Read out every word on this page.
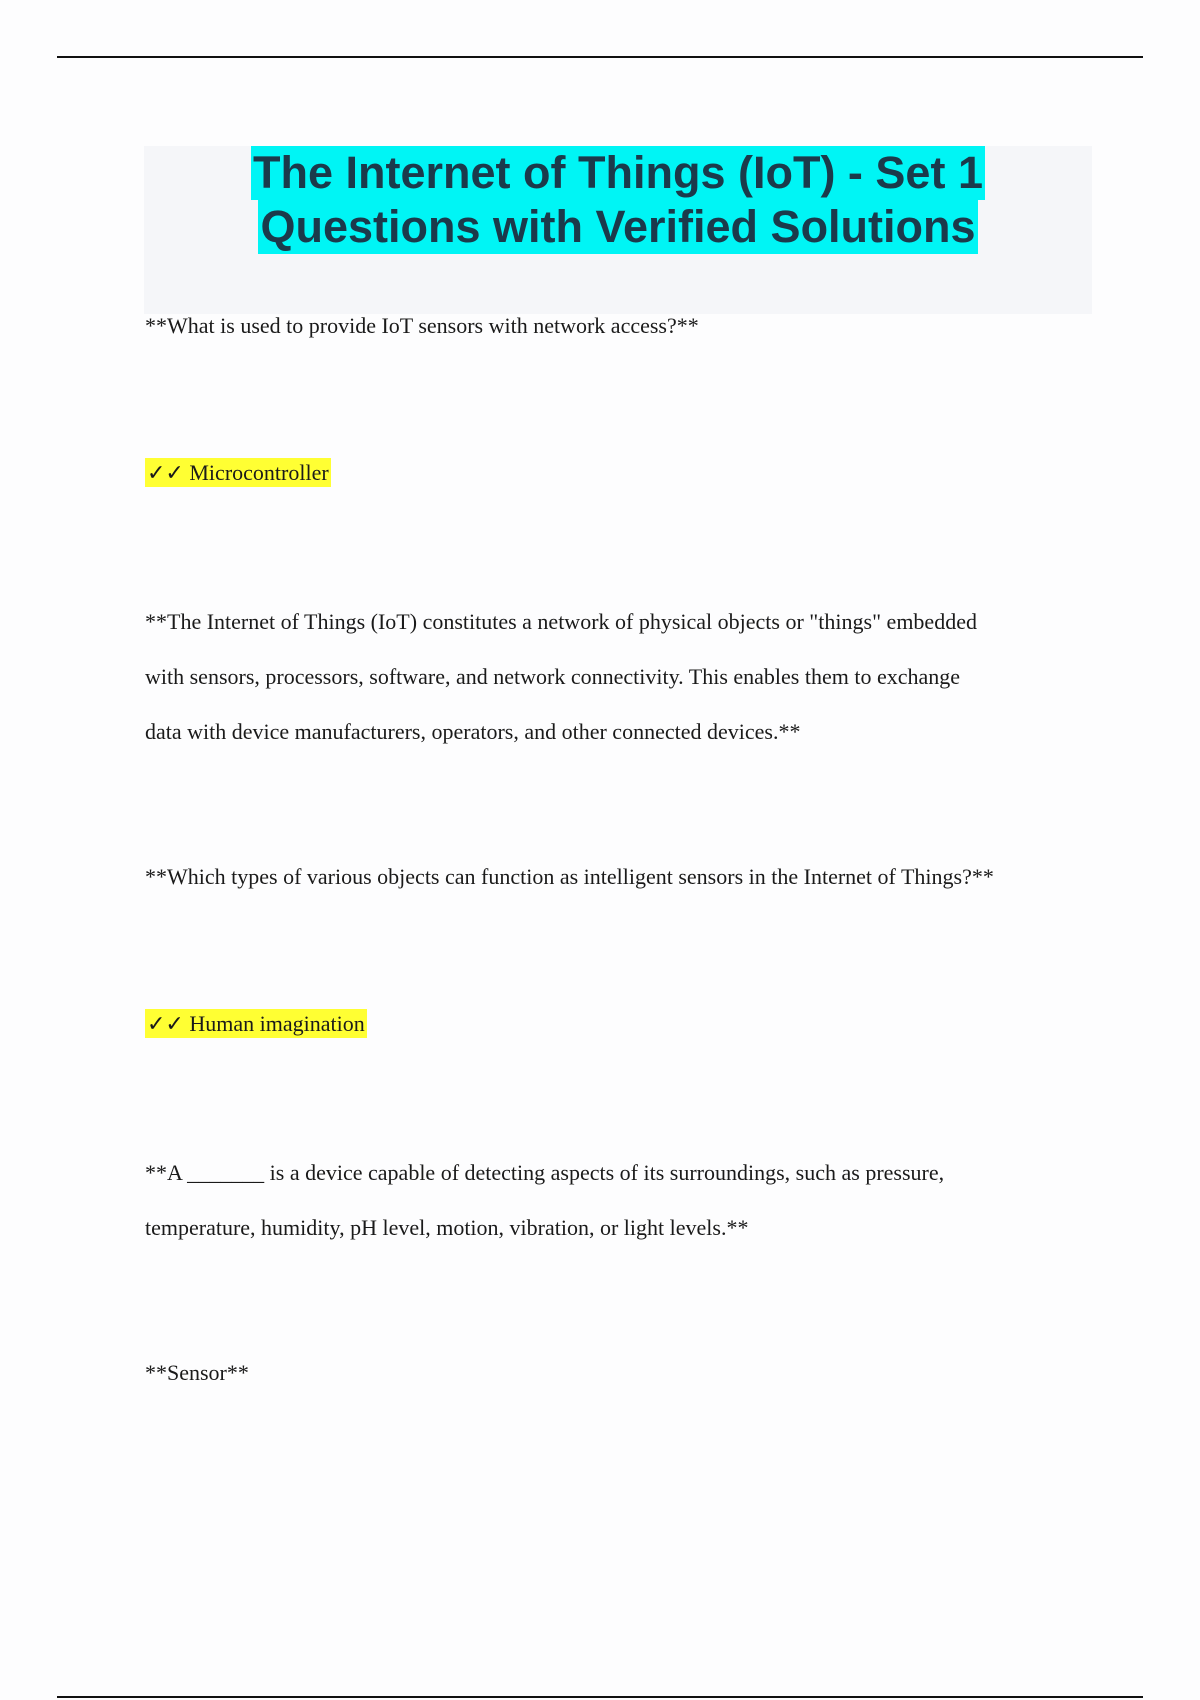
The Internet of Things (IoT) - Set 1
Questions with Verified Solutions
**What is used to provide IoT sensors with network access?**
✓✓ Microcontroller
**The Internet of Things (IoT) constitutes a network of physical objects or "things" embedded
with sensors, processors, software, and network connectivity. This enables them to exchange
data with device manufacturers, operators, and other connected devices.**
**Which types of various objects can function as intelligent sensors in the Internet of Things?**
✓✓ Human imagination
**A _______ is a device capable of detecting aspects of its surroundings, such as pressure,
temperature, humidity, pH level, motion, vibration, or light levels.**
**Sensor**
